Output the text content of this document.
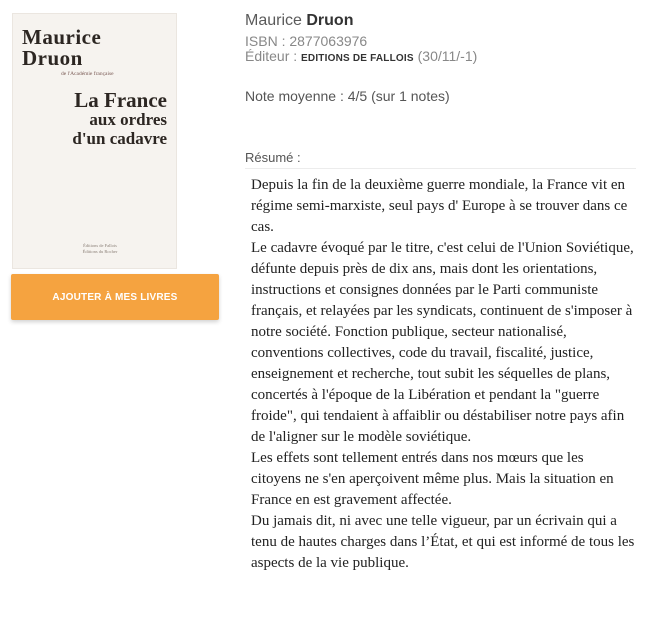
Maurice
Druon
de l'Académie française
La France
aux ordres
d'un cadavre
Éditions de Fallois
Éditions du Rocher
AJOUTER À MES LIVRES
Maurice Druon
ISBN : 2877063976
Éditeur : EDITIONS DE FALLOIS (30/11/-1)
Note moyenne : 4/5 (sur 1 notes)
Résumé :

Depuis la fin de la deuxième guerre mondiale, la France vit en régime semi-marxiste, seul pays d' Europe à se trouver dans ce cas.

Le cadavre évoqué par le titre, c'est celui de l'Union Soviétique, défunte depuis près de dix ans, mais dont les orientations, instructions et consignes données par le Parti communiste français, et relayées par les syndicats, continuent de s'imposer à notre société. Fonction publique, secteur nationalisé, conventions collectives, code du travail, fiscalité, justice, enseignement et recherche, tout subit les séquelles de plans, concertés à l'époque de la Libération et pendant la "guerre froide", qui tendaient à affaiblir ou déstabiliser notre pays afin de l'aligner sur le modèle soviétique.

Les effets sont tellement entrés dans nos mœurs que les citoyens ne s'en aperçoivent même plus. Mais la situation en France en est gravement affectée.

Du jamais dit, ni avec une telle vigueur, par un écrivain qui a tenu de hautes charges dans l’État, et qui est informé de tous les aspects de la vie publique.
